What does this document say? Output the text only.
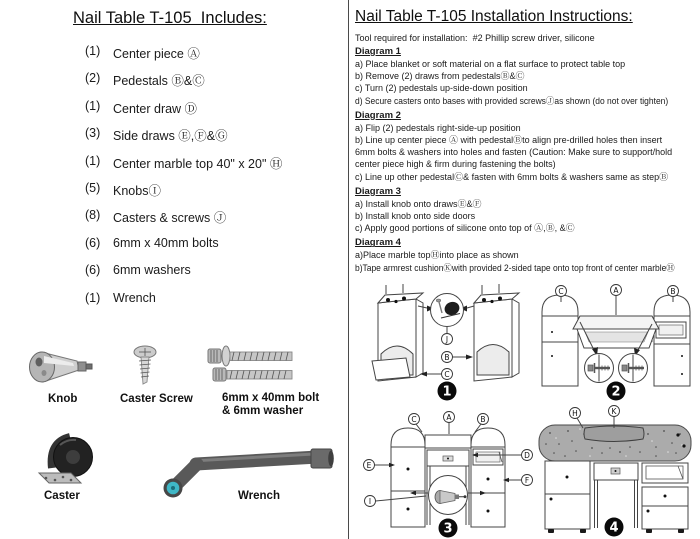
Nail Table T-105  Includes:
(1)	Center piece Ⓐ
(2)	Pedestals Ⓑ&Ⓒ
(1)	Center draw Ⓓ
(3)	Side draws Ⓔ,Ⓕ&Ⓖ
(1)	Center marble top 40" x 20" Ⓗ
(5)	KnobsⒾ
(8)	Casters & screws Ⓙ
(6)	6mm x 40mm bolts
(6)	6mm washers
(1)	Wrench
Knob	Caster Screw	6mm x 40mm bolt
& 6mm washer
Caster	Wrench
Nail Table T-105 Installation Instructions:
Tool required for installation:  #2 Phillip screw driver, silicone
Diagram 1
a) Place blanket or soft material on a flat surface to protect table top
b) Remove (2) draws from pedestalsⒷ&Ⓒ
c) Turn (2) pedestals up-side-down position
d) Secure casters onto bases with provided screwsⒿas shown (do not over tighten)
Diagram 2
a) Flip (2) pedestals right-side-up position
b) Line up center piece Ⓐ with pedestalⒷto align pre-drilled holes then insert
6mm bolts & washers into holes and fasten (Caution: Make sure to support/hold
center piece high & firm during fastening the bolts)
c) Line up other pedestalⒸ& fasten with 6mm bolts & washers same as stepⒷ
Diagram 3
a) Install knob onto drawsⒺ&Ⓕ
b) Install knob onto side doors
c) Apply good portions of silicone onto top of Ⓐ,Ⓑ, &Ⓒ
Diagram 4
a)Place marble topⒽinto place as shown
b)Tape armrest cushionⓀwith provided 2-sided tape onto top front of center marbleⒽ
J
B
C
1
C	A	B
2
C	A	B
D
E
F
I
3
H	K
4
